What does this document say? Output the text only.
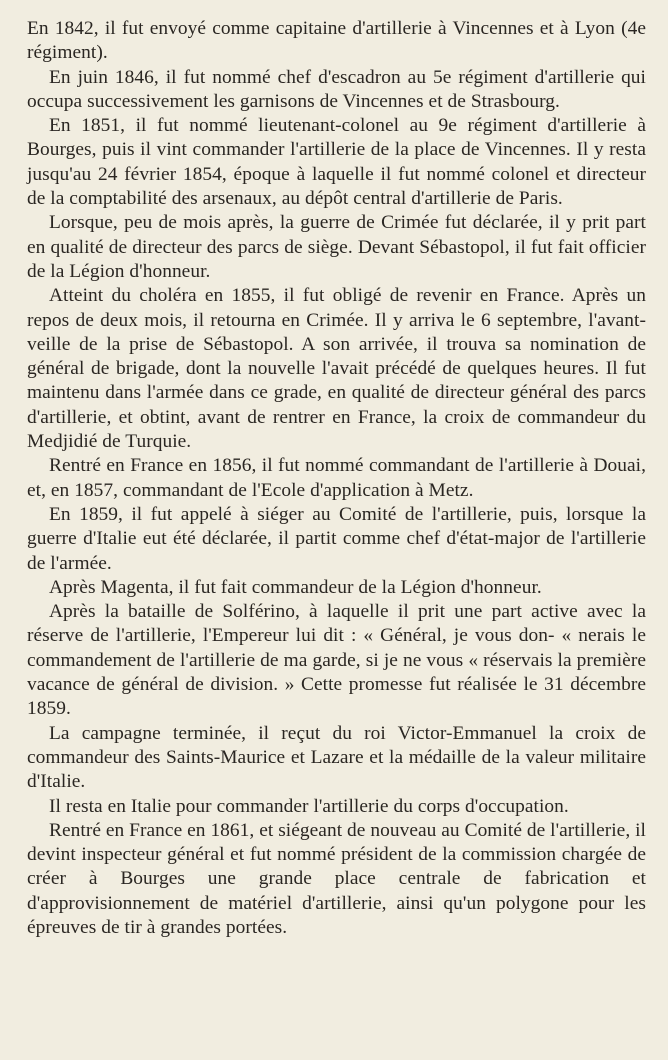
En 1842, il fut envoyé comme capitaine d'artillerie à Vincennes et à Lyon (4e régiment).

En juin 1846, il fut nommé chef d'escadron au 5e régiment d'artillerie qui occupa successivement les garnisons de Vincennes et de Strasbourg.

En 1851, il fut nommé lieutenant-colonel au 9e régiment d'artillerie à Bourges, puis il vint commander l'artillerie de la place de Vincennes. Il y resta jusqu'au 24 février 1854, époque à laquelle il fut nommé colonel et directeur de la comptabilité des arsenaux, au dépôt central d'artillerie de Paris.

Lorsque, peu de mois après, la guerre de Crimée fut déclarée, il y prit part en qualité de directeur des parcs de siège. Devant Sébastopol, il fut fait officier de la Légion d'honneur.

Atteint du choléra en 1855, il fut obligé de revenir en France. Après un repos de deux mois, il retourna en Crimée. Il y arriva le 6 septembre, l'avant-veille de la prise de Sébastopol. A son arrivée, il trouva sa nomination de général de brigade, dont la nouvelle l'avait précédé de quelques heures. Il fut maintenu dans l'armée dans ce grade, en qualité de directeur général des parcs d'artillerie, et obtint, avant de rentrer en France, la croix de commandeur du Medjidié de Turquie.

Rentré en France en 1856, il fut nommé commandant de l'artillerie à Douai, et, en 1857, commandant de l'Ecole d'application à Metz.

En 1859, il fut appelé à siéger au Comité de l'artillerie, puis, lorsque la guerre d'Italie eut été déclarée, il partit comme chef d'état-major de l'artillerie de l'armée.

Après Magenta, il fut fait commandeur de la Légion d'honneur.

Après la bataille de Solférino, à laquelle il prit une part active avec la réserve de l'artillerie, l'Empereur lui dit : « Général, je vous don- « nerais le commandement de l'artillerie de ma garde, si je ne vous « réservais la première vacance de général de division. » Cette promesse fut réalisée le 31 décembre 1859.

La campagne terminée, il reçut du roi Victor-Emmanuel la croix de commandeur des Saints-Maurice et Lazare et la médaille de la valeur militaire d'Italie.

Il resta en Italie pour commander l'artillerie du corps d'occupation.

Rentré en France en 1861, et siégeant de nouveau au Comité de l'artillerie, il devint inspecteur général et fut nommé président de la commission chargée de créer à Bourges une grande place centrale de fabrication et d'approvisionnement de matériel d'artillerie, ainsi qu'un polygone pour les épreuves de tir à grandes portées.
